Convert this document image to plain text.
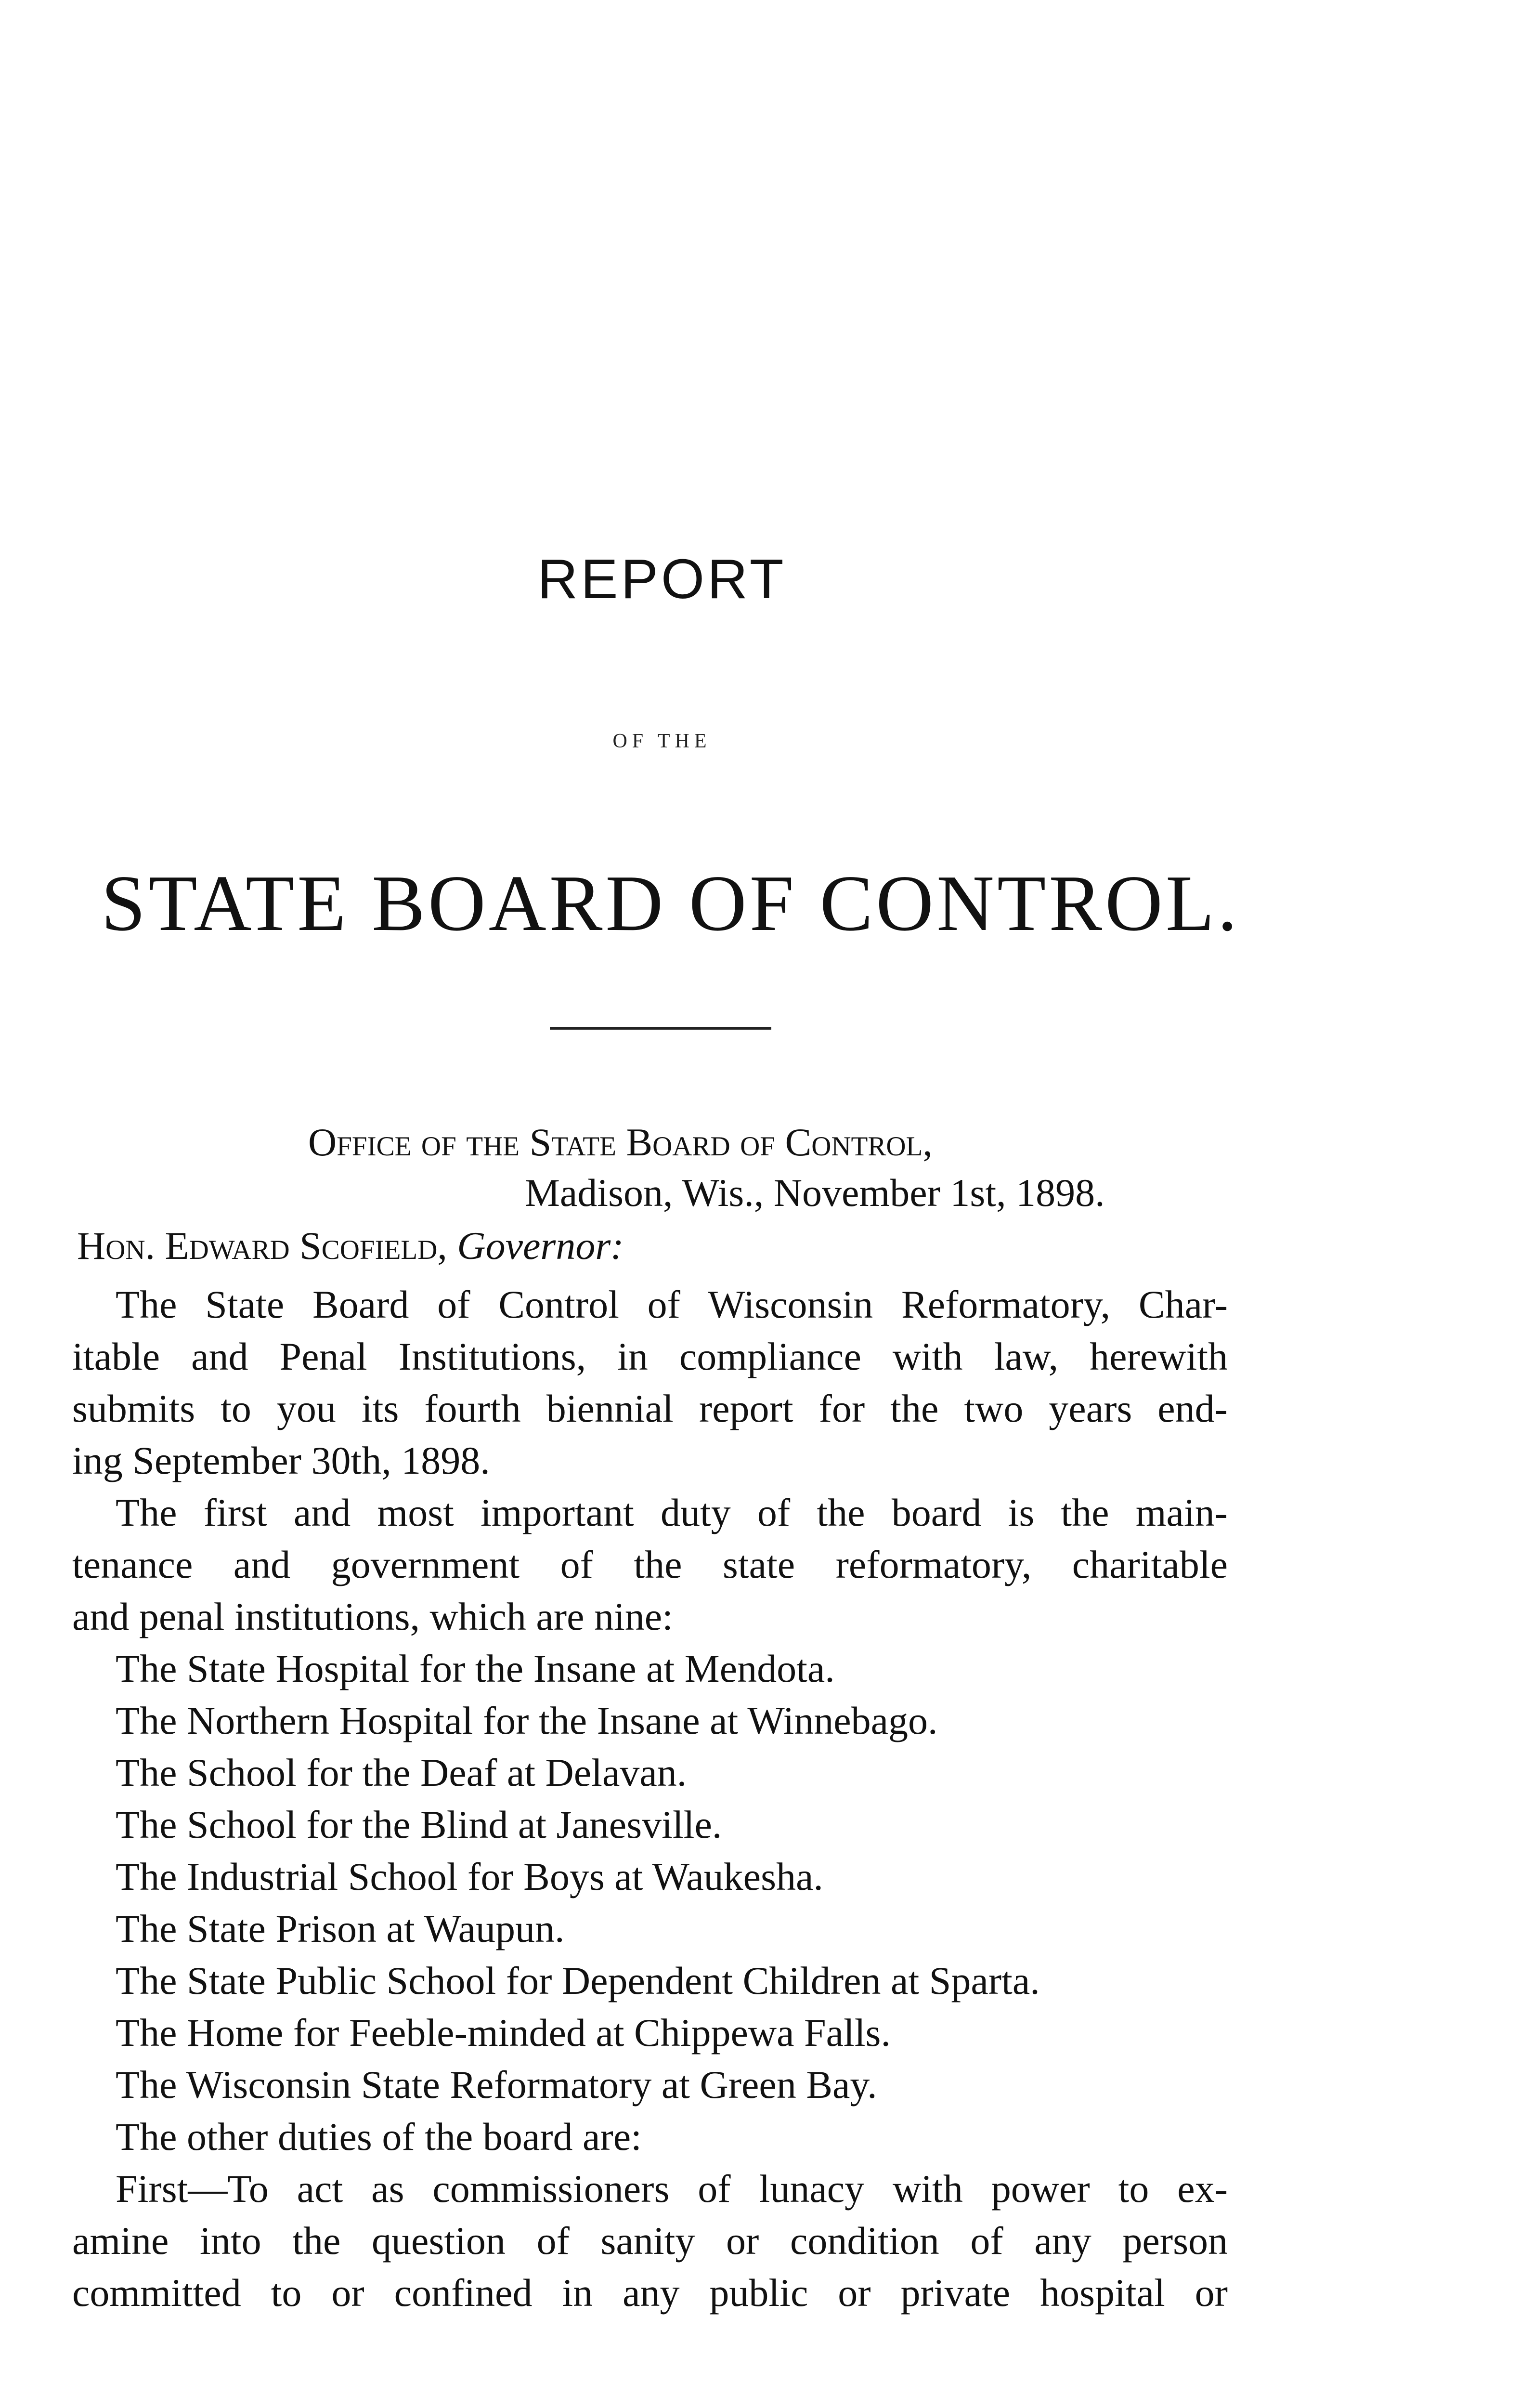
REPORT
OF THE
STATE BOARD OF CONTROL.
Office of the State Board of Control,
Madison, Wis., November 1st, 1898.
Hon. Edward Scofield, Governor:
The State Board of Control of Wisconsin Reformatory, Char-
itable and Penal Institutions, in compliance with law, herewith
submits to you its fourth biennial report for the two years end-
ing September 30th, 1898.
The first and most important duty of the board is the main-
tenance and government of the state reformatory, charitable
and penal institutions, which are nine:
The State Hospital for the Insane at Mendota.
The Northern Hospital for the Insane at Winnebago.
The School for the Deaf at Delavan.
The School for the Blind at Janesville.
The Industrial School for Boys at Waukesha.
The State Prison at Waupun.
The State Public School for Dependent Children at Sparta.
The Home for Feeble-minded at Chippewa Falls.
The Wisconsin State Reformatory at Green Bay.
The other duties of the board are:
First—To act as commissioners of lunacy with power to ex-
amine into the question of sanity or condition of any person
committed to or confined in any public or private hospital or
